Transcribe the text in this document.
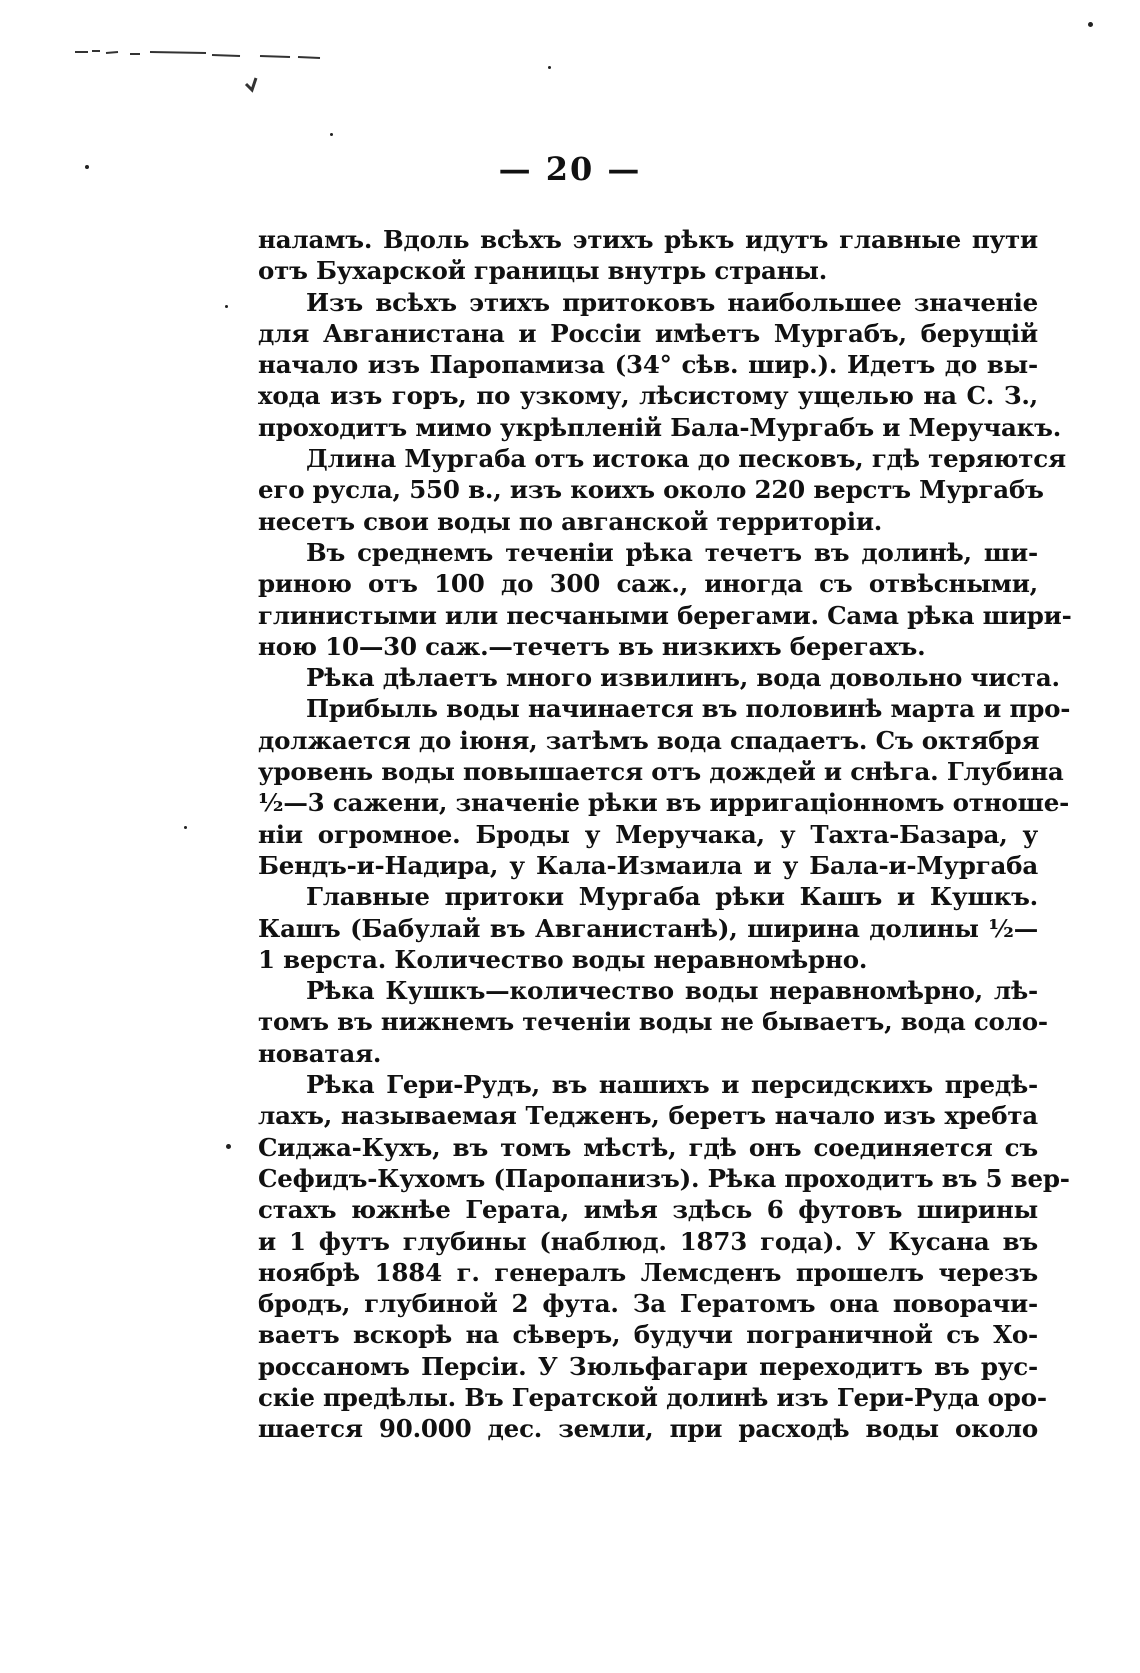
— 20 —
наламъ. Вдоль всѣхъ этихъ рѣкъ идутъ главные пути
отъ Бухарской границы внутрь страны.
Изъ всѣхъ этихъ притоковъ наибольшее значенiе
для Авганистана и Россiи имѣетъ Мургабъ, берущiй
начало изъ Паропамиза (34° сѣв. шир.). Идетъ до вы-
хода изъ горъ, по узкому, лѣсистому ущелью на С. З.,
проходитъ мимо укрѣпленiй Бала-Мургабъ и Меручакъ.
Длина Мургаба отъ истока до песковъ, гдѣ теряются
его русла, 550 в., изъ коихъ около 220 верстъ Мургабъ
несетъ свои воды по авганской территорiи.
Въ среднемъ теченiи рѣка течетъ въ долинѣ, ши-
риною отъ 100 до 300 саж., иногда съ отвѣсными,
глинистыми или песчаными берегами. Сама рѣка шири-
ною 10—30 саж.—течетъ въ низкихъ берегахъ.
Рѣка дѣлаетъ много извилинъ, вода довольно чиста.
Прибыль воды начинается въ половинѣ марта и про-
должается до iюня, затѣмъ вода спадаетъ. Съ октября
уровень воды повышается отъ дождей и снѣга. Глубина
½—3 сажени, значенiе рѣки въ ирригацiонномъ отноше-
нiи огромное. Броды у Меручака, у Тахта-Базара, у
Бендъ-и-Надира, у Кала-Измаила и у Бала-и-Мургаба
Главные притоки Мургаба рѣки Кашъ и Кушкъ.
Кашъ (Бабулай въ Авганистанѣ), ширина долины ½—
1 верста. Количество воды неравномѣрно.
Рѣка Кушкъ—количество воды неравномѣрно, лѣ-
томъ въ нижнемъ теченiи воды не бываетъ, вода соло-
новатая.
Рѣка Гери-Рудъ, въ нашихъ и персидскихъ предѣ-
лахъ, называемая Тедженъ, беретъ начало изъ хребта
Сиджа-Кухъ, въ томъ мѣстѣ, гдѣ онъ соединяется съ
Сефидъ-Кухомъ (Паропанизъ). Рѣка проходитъ въ 5 вер-
стахъ южнѣе Герата, имѣя здѣсь 6 футовъ ширины
и 1 футъ глубины (наблюд. 1873 года). У Кусана въ
ноябрѣ 1884 г. генералъ Лемсденъ прошелъ черезъ
бродъ, глубиной 2 фута. За Гератомъ она поворачи-
ваетъ вскорѣ на сѣверъ, будучи пограничной съ Хо-
россаномъ Персiи. У Зюльфагари переходитъ въ рус-
скiе предѣлы. Въ Гератской долинѣ изъ Гери-Руда оро-
шается 90.000 дес. земли, при расходѣ воды около
